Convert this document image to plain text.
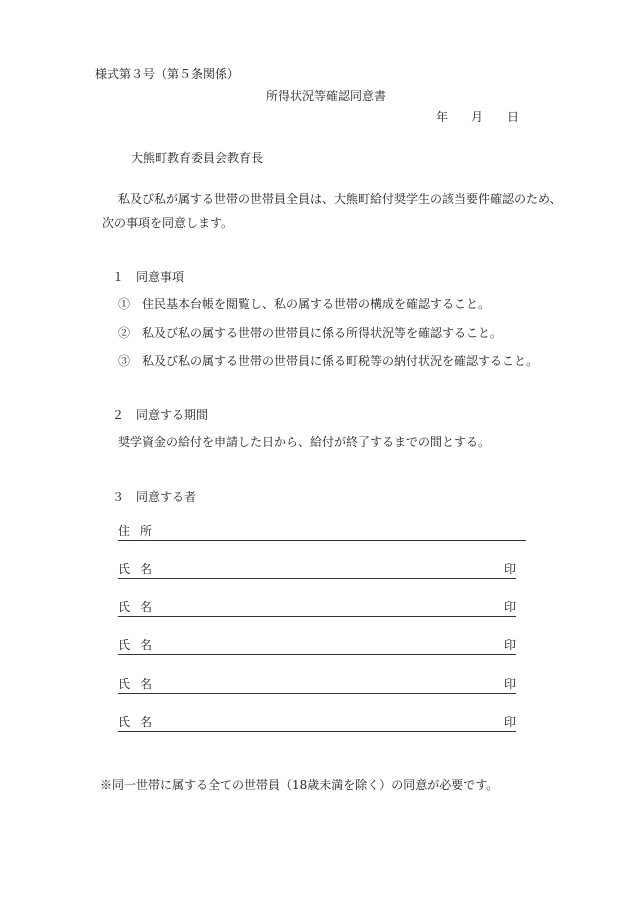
様式第３号（第５条関係）
所得状況等確認同意書
年 月 日
大熊町教育委員会教育長
私及び私が属する世帯の世帯員全員は、大熊町給付奨学生の該当要件確認のため、
次の事項を同意します。
１　同意事項
①　住民基本台帳を閲覧し、私の属する世帯の構成を確認すること。
②　私及び私の属する世帯の世帯員に係る所得状況等を確認すること。
③　私及び私の属する世帯の世帯員に係る町税等の納付状況を確認すること。
２　同意する期間
奨学資金の給付を申請した日から、給付が終了するまでの間とする。
３　同意する者
住所
氏名	印
氏名	印
氏名	印
氏名	印
氏名	印
※同一世帯に属する全ての世帯員（18歳未満を除く）の同意が必要です。
